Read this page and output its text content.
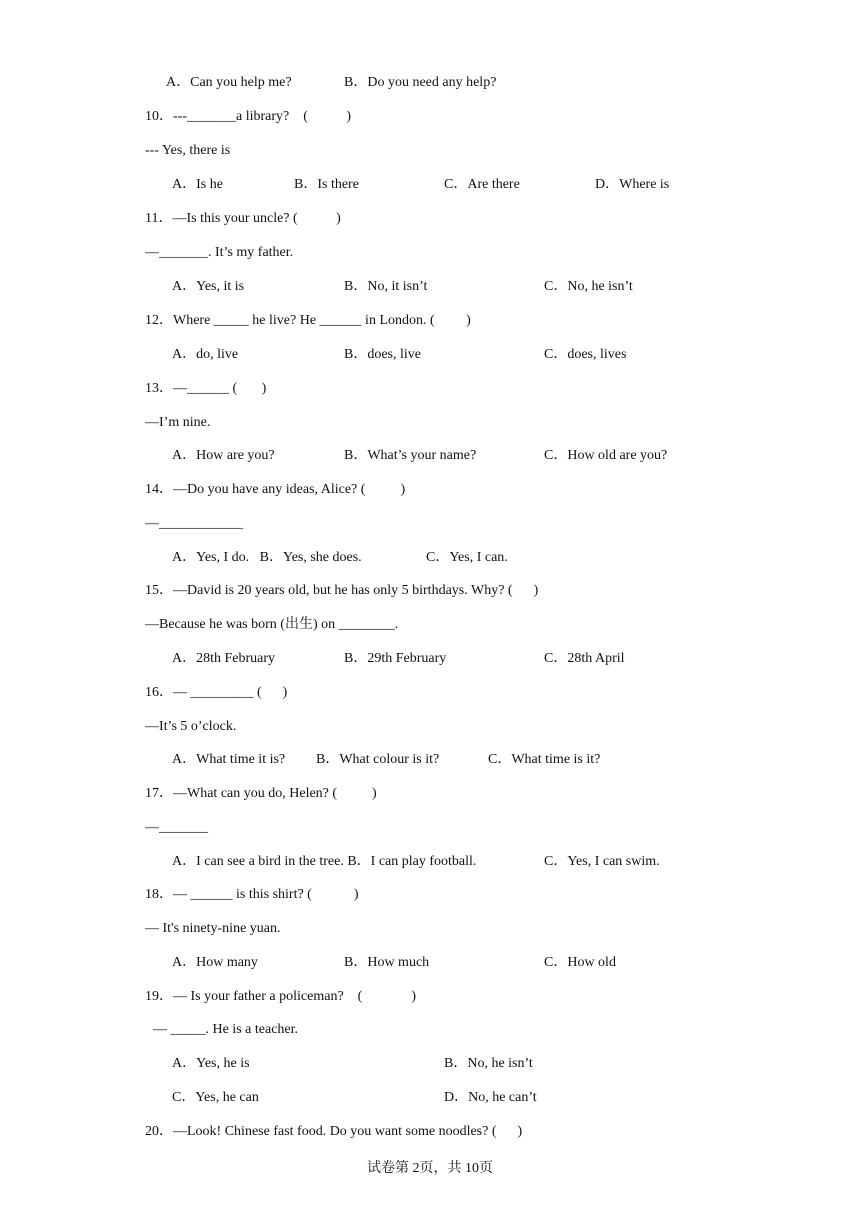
A．Can you help me?	B．Do you need any help?
10．---_______a library?    (           )
--- Yes, there is
A．Is he	B．Is there	C．Are there	D．Where is
11．—Is this your uncle? (           )
—_______. It’s my father.
A．Yes, it is	B．No, it isn’t	C．No, he isn’t
12．Where _____ he live? He ______ in London. (         )
A．do, live	B．does, live	C．does, lives
13．—______ (       )
—I’m nine.
A．How are you?	B．What’s your name?	C．How old are you?
14．—Do you have any ideas, Alice? (          )
—____________
A．Yes, I do.   B．Yes, she does.	C．Yes, I can.
15．—David is 20 years old, but he has only 5 birthdays. Why? (      )
—Because he was born (出生) on ________.
A．28th February	B．29th February	C．28th April
16．— _________ (      )
—It’s 5 o’clock.
A．What time it is? B．What colour is it?	C．What time is it?
17．—What can you do, Helen? (          )
—_______
A．I can see a bird in the tree. B．I can play football.	C．Yes, I can swim.
18．— ______ is this shirt? (            )
— It's ninety-nine yuan.
A．How many	B．How much	C．How old
19．— Is your father a policeman?    (              )
— _____. He is a teacher.
A．Yes, he is	B．No, he isn’t
C．Yes, he can	D．No, he can’t
20．—Look! Chinese fast food. Do you want some noodles? (      )
试卷第 2页，共 10页
